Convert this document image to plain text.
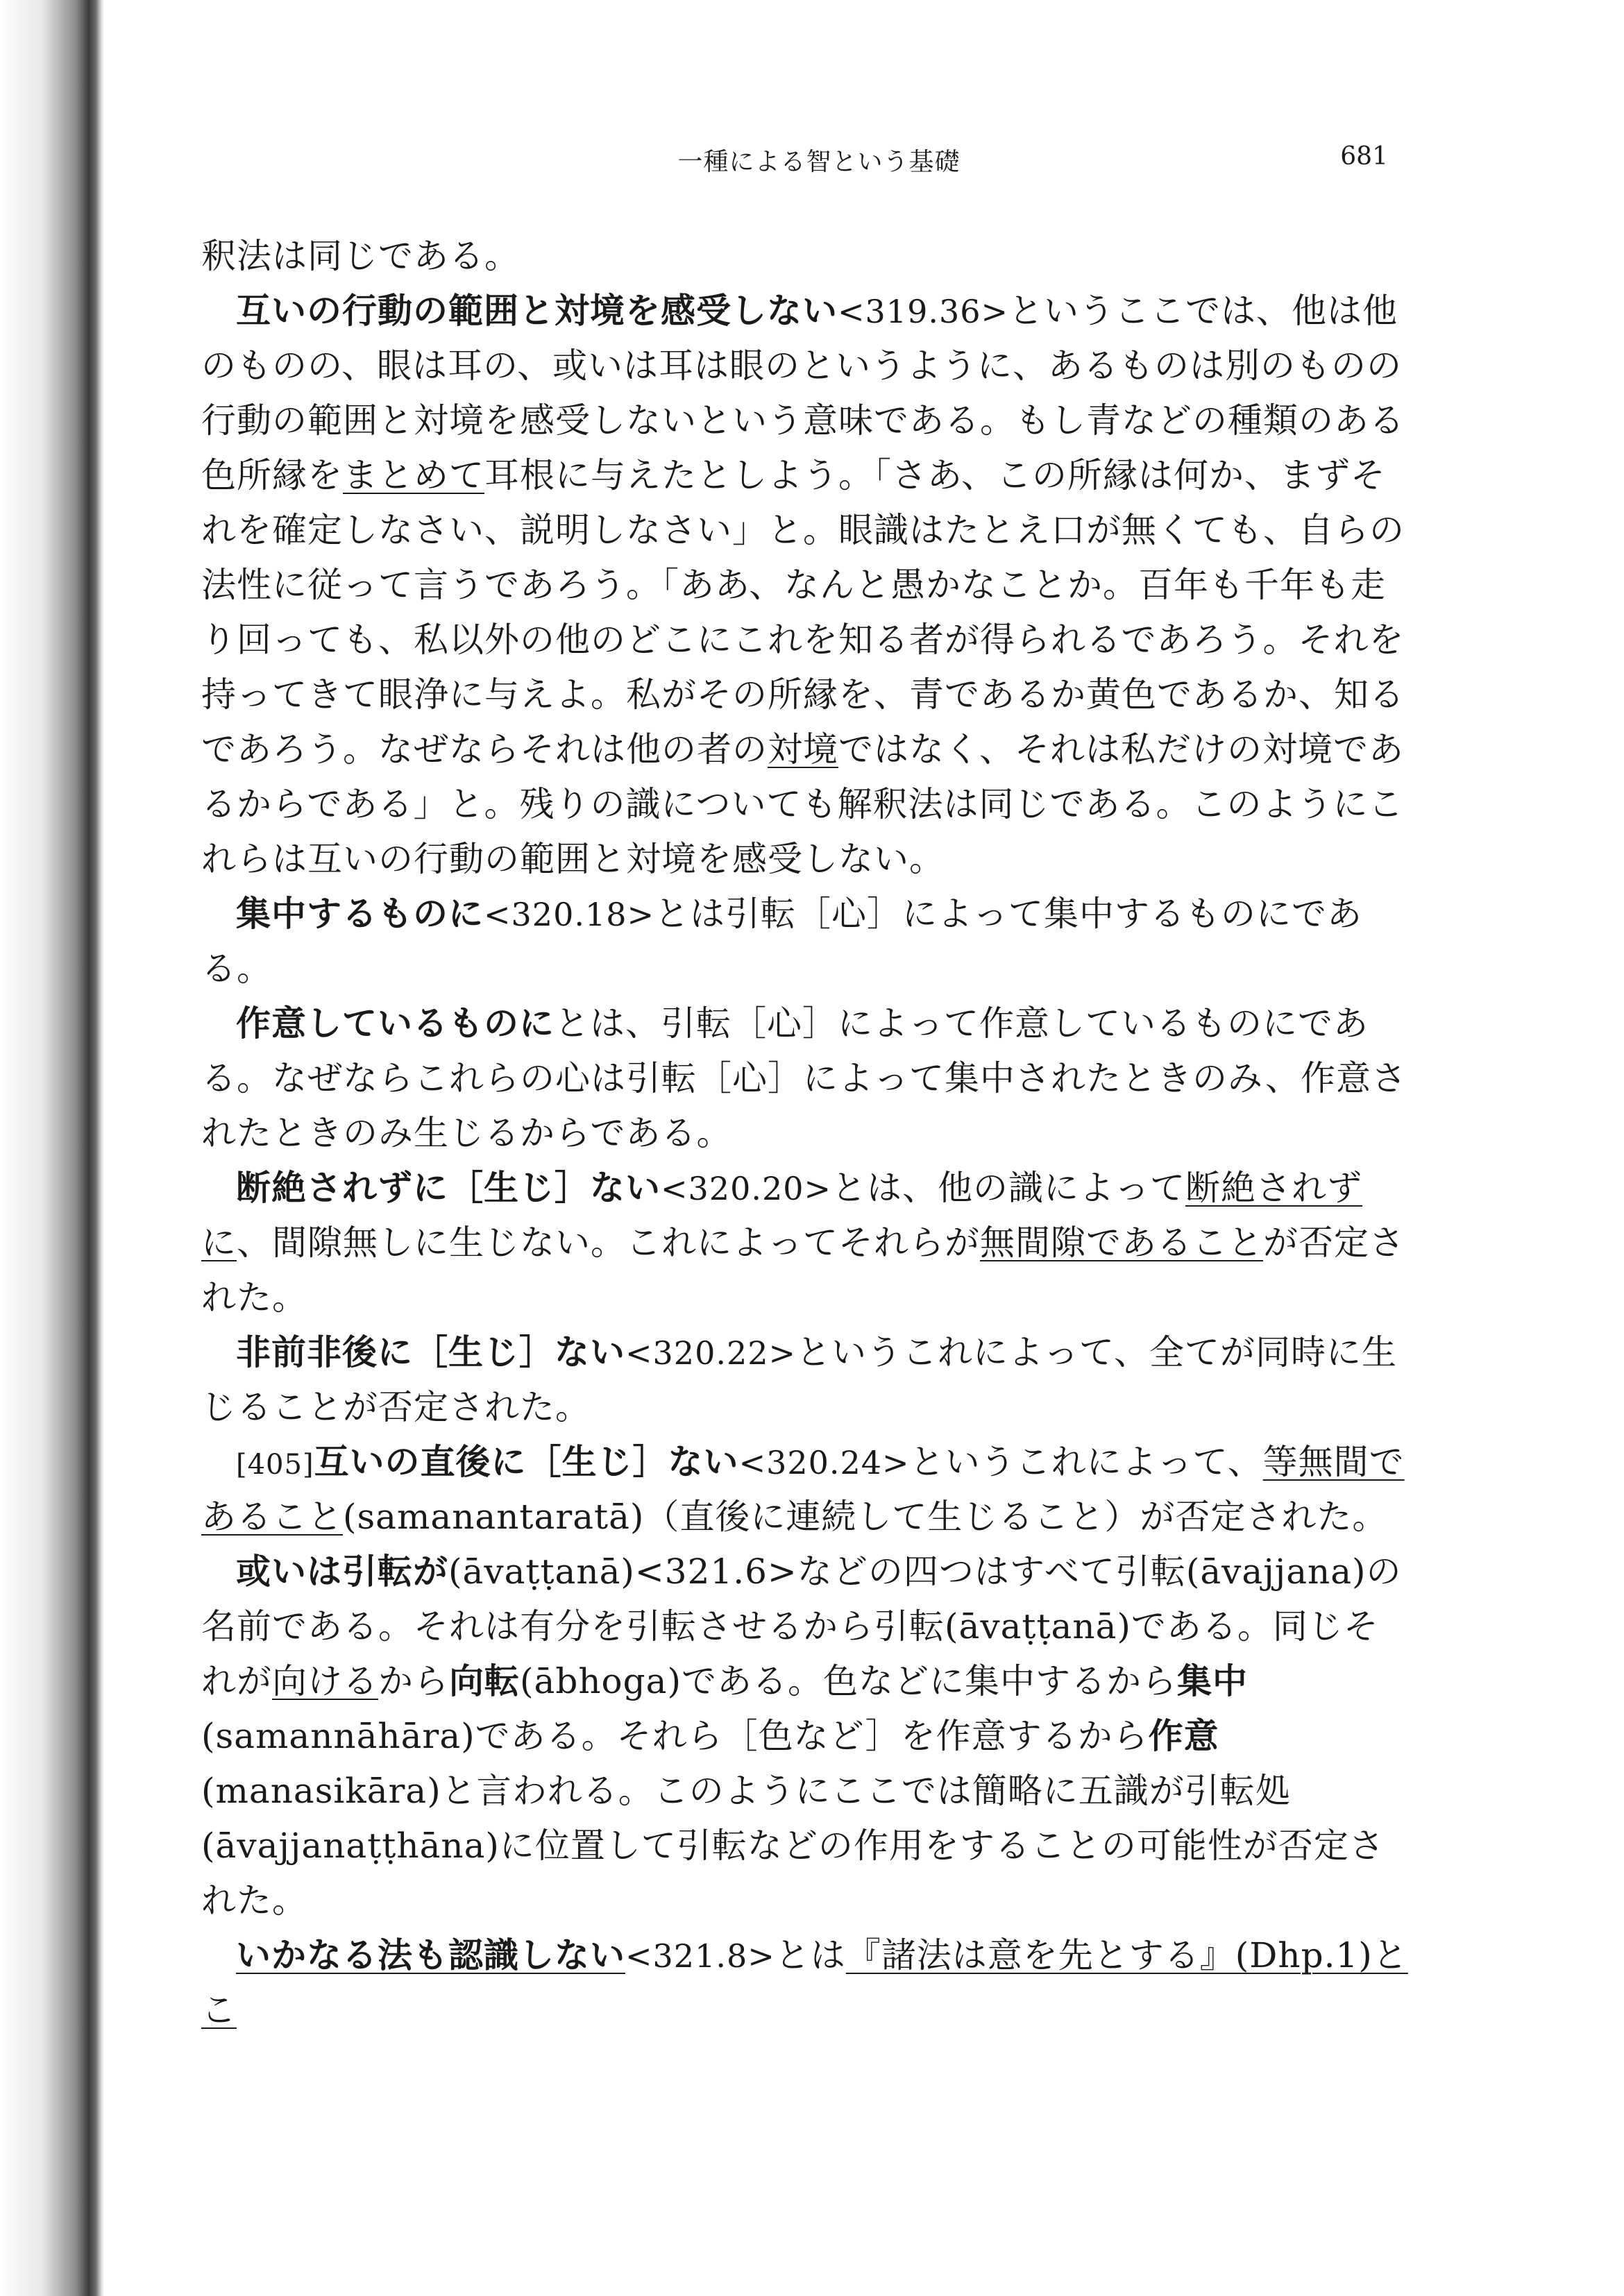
一種による智という基礎	681

釈法は同じである。

互いの行動の範囲と対境を感受しない<319.36>というここでは、他は他のものの、眼は耳の、或いは耳は眼のというように、あるものは別のものの行動の範囲と対境を感受しないという意味である。もし青などの種類のある色所縁をまとめて耳根に与えたとしよう。「さあ、この所縁は何か、まずそれを確定しなさい、説明しなさい」と。眼識はたとえ口が無くても、自らの法性に従って言うであろう。「ああ、なんと愚かなことか。百年も千年も走り回っても、私以外の他のどこにこれを知る者が得られるであろう。それを持ってきて眼浄に与えよ。私がその所縁を、青であるか黄色であるか、知るであろう。なぜならそれは他の者の対境ではなく、それは私だけの対境であるからである」と。残りの識についても解釈法は同じである。このようにこれらは互いの行動の範囲と対境を感受しない。

集中するものに<320.18>とは引転［心］によって集中するものにである。

作意しているものにとは、引転［心］によって作意しているものにである。なぜならこれらの心は引転［心］によって集中されたときのみ、作意されたときのみ生じるからである。

断絶されずに［生じ］ない<320.20>とは、他の識によって断絶されずに、間隙無しに生じない。これによってそれらが無間隙であることが否定された。

非前非後に［生じ］ない<320.22>というこれによって、全てが同時に生じることが否定された。

[405]互いの直後に［生じ］ない<320.24>というこれによって、等無間であること(samanantaratā)（直後に連続して生じること）が否定された。

或いは引転が(āvaṭṭanā)<321.6>などの四つはすべて引転(āvajjana)の名前である。それは有分を引転させるから引転(āvaṭṭanā)である。同じそれが向けるから向転(ābhoga)である。色などに集中するから集中(samannāhāra)である。それら［色など］を作意するから作意(manasikāra)と言われる。このようにここでは簡略に五識が引転処(āvajjanaṭṭhāna)に位置して引転などの作用をすることの可能性が否定された。

いかなる法も認識しない<321.8>とは『諸法は意を先とする』(Dhp.1)とこ
